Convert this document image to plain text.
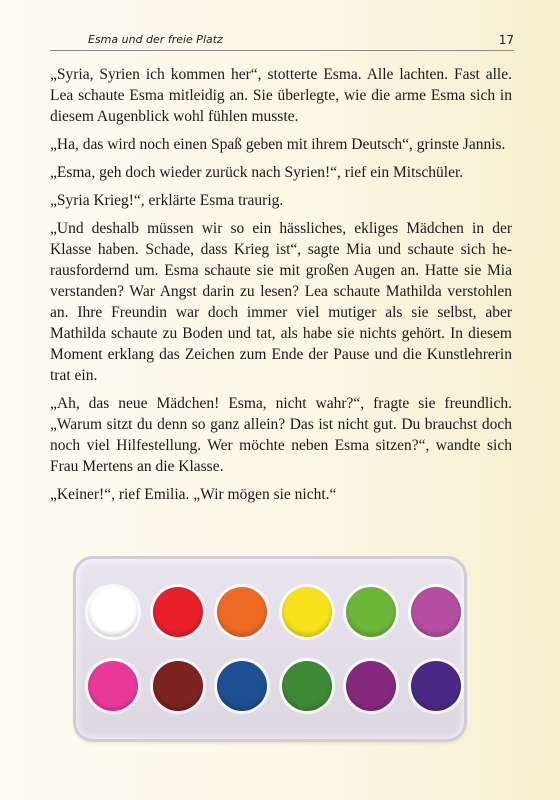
Esma und der freie Platz	17

„Syria, Syrien ich kommen her“, stotterte Esma. Alle lachten. Fast alle. Lea schaute Esma mitleidig an. Sie überlegte, wie die arme Esma sich in diesem Augenblick wohl fühlen musste.

„Ha, das wird noch einen Spaß geben mit ihrem Deutsch“, grinste Jannis.

„Esma, geh doch wieder zurück nach Syrien!“, rief ein Mitschüler.

„Syria Krieg!“, erklärte Esma traurig.

„Und deshalb müssen wir so ein hässliches, ekliges Mädchen in der Klasse haben. Schade, dass Krieg ist“, sagte Mia und schaute sich herausfordernd um. Esma schaute sie mit großen Augen an. Hatte sie Mia verstanden? War Angst darin zu lesen? Lea schaute Mathilda verstohlen an. Ihre Freundin war doch immer viel mutiger als sie selbst, aber Mathilda schaute zu Boden und tat, als habe sie nichts gehört. In diesem Moment erklang das Zeichen zum Ende der Pause und die Kunstlehrerin trat ein.

„Ah, das neue Mädchen! Esma, nicht wahr?“, fragte sie freundlich. „Warum sitzt du denn so ganz allein? Das ist nicht gut. Du brauchst doch noch viel Hilfestellung. Wer möchte neben Esma sitzen?“, wandte sich Frau Mertens an die Klasse.

„Keiner!“, rief Emilia. „Wir mögen sie nicht.“
